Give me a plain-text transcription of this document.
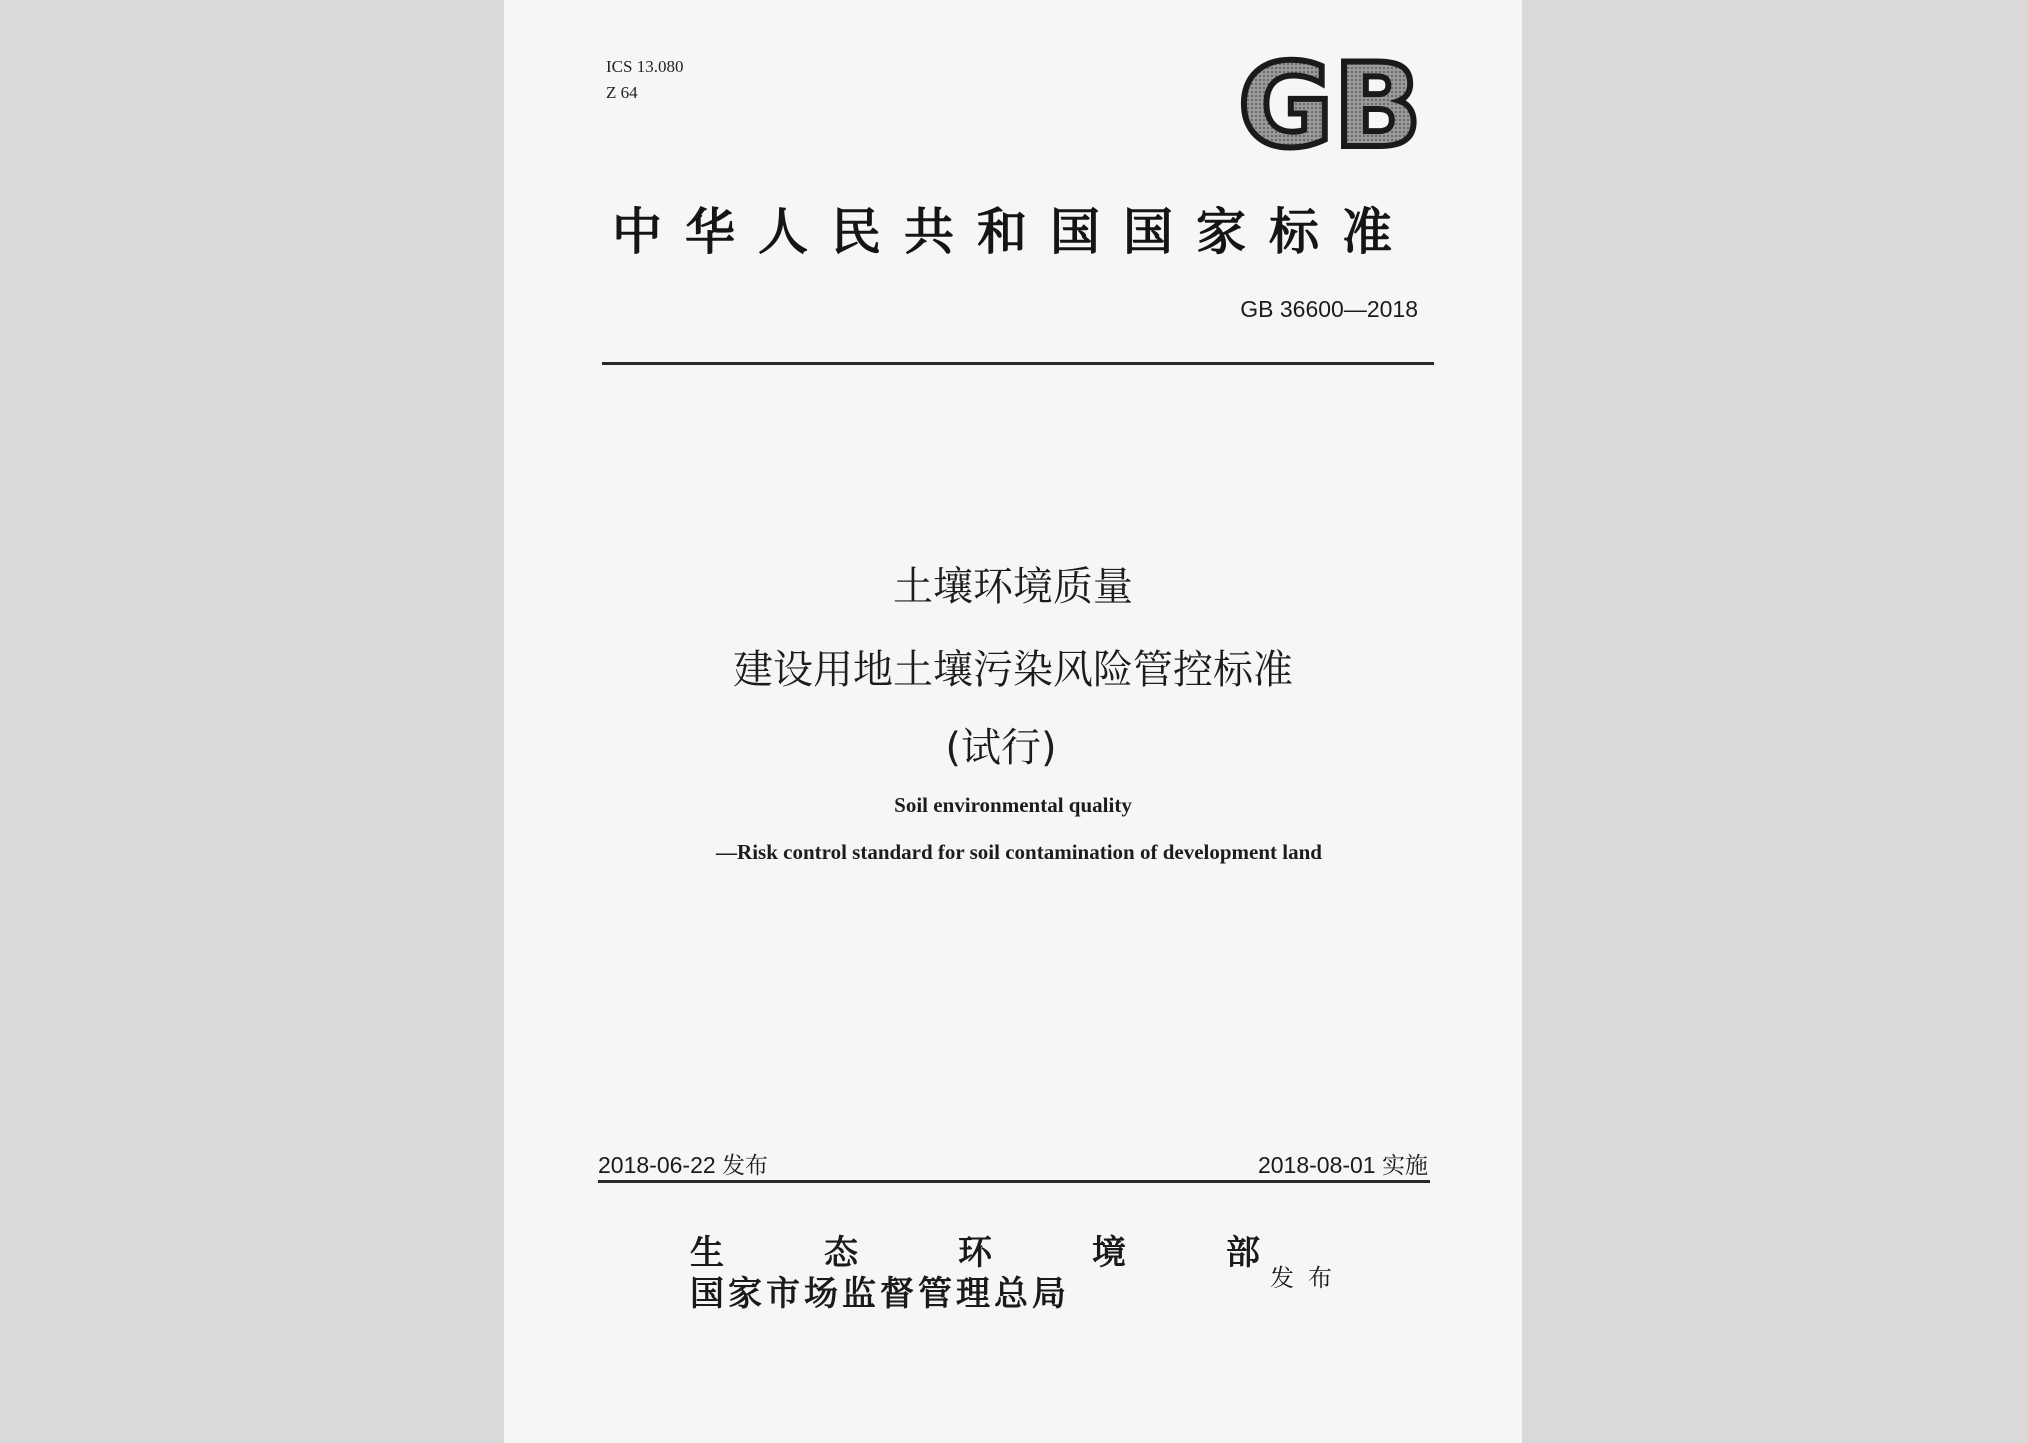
ICS 13.080
Z 64	GB
中华人民共和国国家标准
GB 36600—2018
土壤环境质量
建设用地土壤污染风险管控标准
(试行)
Soil environmental quality
—Risk control standard for soil contamination of development land
2018-06-22 发布	2018-08-01 实施
生	态	环	境	部
国家市场监督管理总局	发布
